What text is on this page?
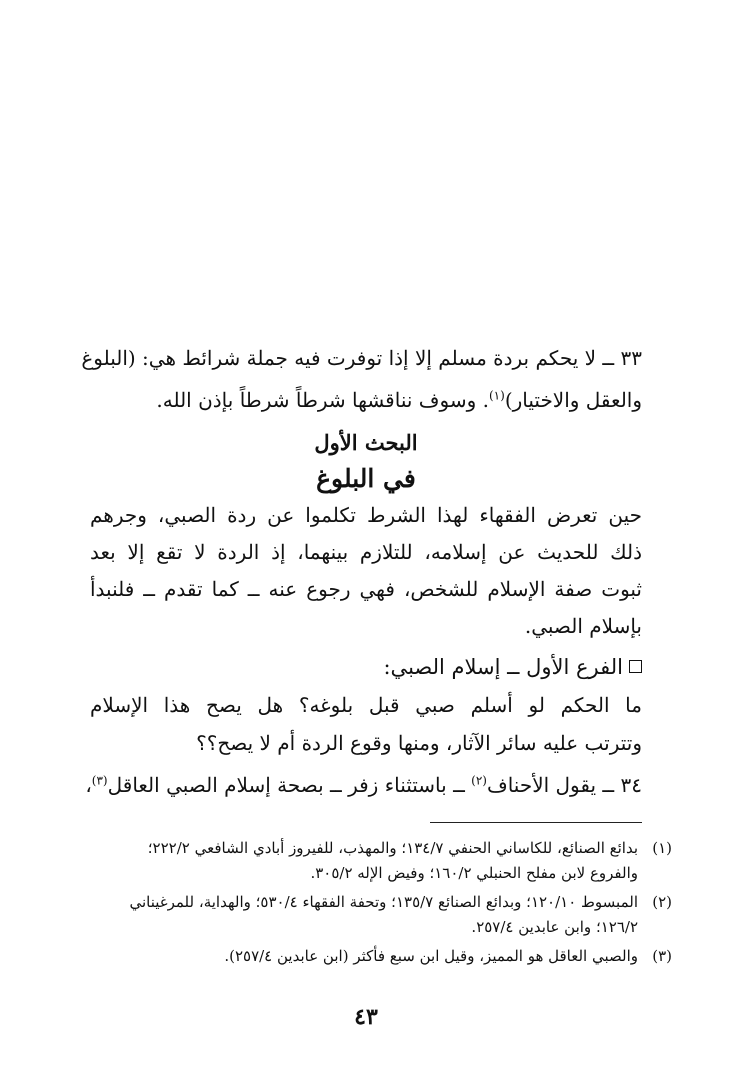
٣٣ ــ لا يحكم بردة مسلم إلا إذا توفرت فيه جملة شرائط هي: (البلوغ
والعقل والاختيار)$^{(١)}$. وسوف نناقشها شرطاً شرطاً بإذن الله.
البحث الأول
في البلوغ
حين تعرض الفقهاء لهذا الشرط تكلموا عن ردة الصبي، وجرهم
ذلك للحديث عن إسلامه، للتلازم بينهما، إذ الردة لا تقع إلا بعد
ثبوت صفة الإسلام للشخص، فهي رجوع عنه ــ كما تقدم ــ فلنبدأ
بإسلام الصبي.
الفرع الأول ــ إسلام الصبي:
ما الحكم لو أسلم صبي قبل بلوغه؟ هل يصح هذا الإسلام
وتترتب عليه سائر الآثار، ومنها وقوع الردة أم لا يصح؟؟
٣٤ ــ يقول الأحناف$^{(٢)}$ ــ باستثناء زفر ــ بصحة إسلام الصبي العاقل$^{(٣)}$،
(١)بدائع الصنائع، للكاساني الحنفي ١٣٤/٧؛ والمهذب، للفيروز أبادي الشافعي ٢٢٢/٢؛
والفروع لابن مفلح الحنبلي ١٦٠/٢؛ وفيض الإله ٣٠٥/٢.
(٢)المبسوط ١٢٠/١٠؛ وبدائع الصنائع ١٣٥/٧؛ وتحفة الفقهاء ٥٣٠/٤؛ والهداية، للمرغيناني
١٢٦/٢؛ وابن عابدين ٢٥٧/٤.
(٣)والصبي العاقل هو المميز، وقيل ابن سبع فأكثر (ابن عابدين ٢٥٧/٤).
٤٣
